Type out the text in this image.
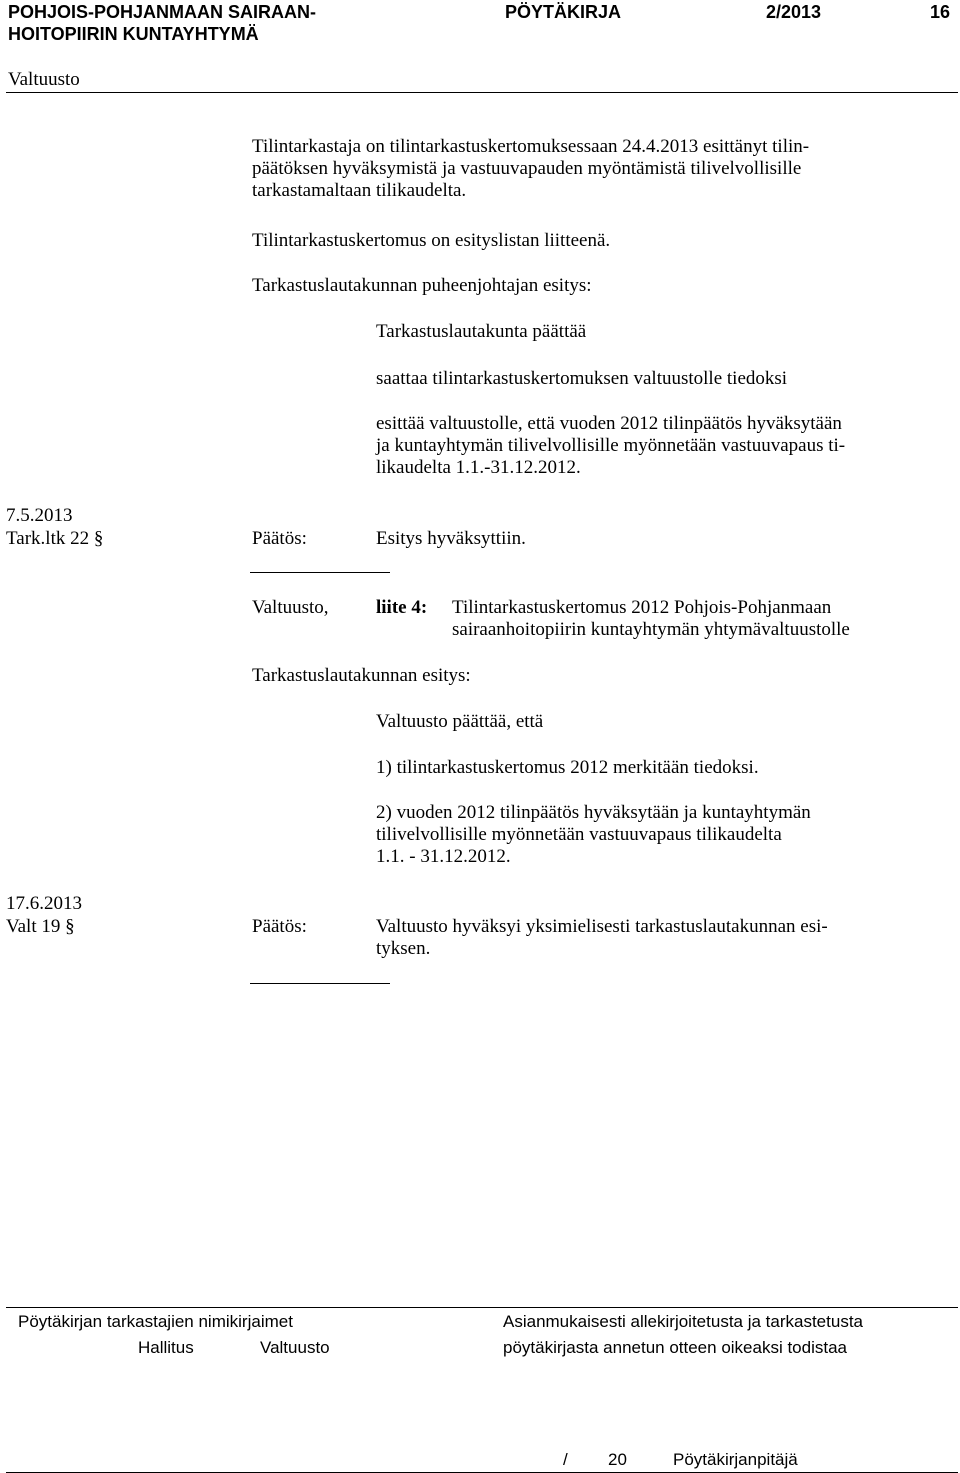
POHJOIS-POHJANMAAN SAIRAAN-
HOITOPIIRIN KUNTAYHTYMÄ
PÖYTÄKIRJA	2/2013	16
Valtuusto
Tilintarkastaja on tilintarkastuskertomuksessaan 24.4.2013 esittänyt tilin-
päätöksen hyväksymistä ja vastuuvapauden myöntämistä tilivelvollisille
tarkastamaltaan tilikaudelta.
Tilintarkastuskertomus on esityslistan liitteenä.
Tarkastuslautakunnan puheenjohtajan esitys:
Tarkastuslautakunta päättää
saattaa tilintarkastuskertomuksen valtuustolle tiedoksi
esittää valtuustolle, että vuoden 2012 tilinpäätös hyväksytään
ja kuntayhtymän tilivelvollisille myönnetään vastuuvapaus ti-
likaudelta 1.1.-31.12.2012.
7.5.2013
Tark.ltk 22 §	Päätös:	Esitys hyväksyttiin.
Valtuusto, liite 4: Tilintarkastuskertomus 2012 Pohjois-Pohjanmaan
sairaanhoitopiirin kuntayhtymän yhtymävaltuustolle
Tarkastuslautakunnan esitys:
Valtuusto päättää, että
1) tilintarkastuskertomus 2012 merkitään tiedoksi.
2) vuoden 2012 tilinpäätös hyväksytään ja kuntayhtymän
tilivelvollisille myönnetään vastuuvapaus tilikaudelta
1.1. - 31.12.2012.
17.6.2013
Valt 19 §	Päätös:	Valtuusto hyväksyi yksimielisesti tarkastuslautakunnan esi-
tyksen.
Pöytäkirjan tarkastajien nimikirjaimet
Hallitus	Valtuusto
Asianmukaisesti allekirjoitetusta ja tarkastetusta
pöytäkirjasta annetun otteen oikeaksi todistaa
/ 20	Pöytäkirjanpitäjä
